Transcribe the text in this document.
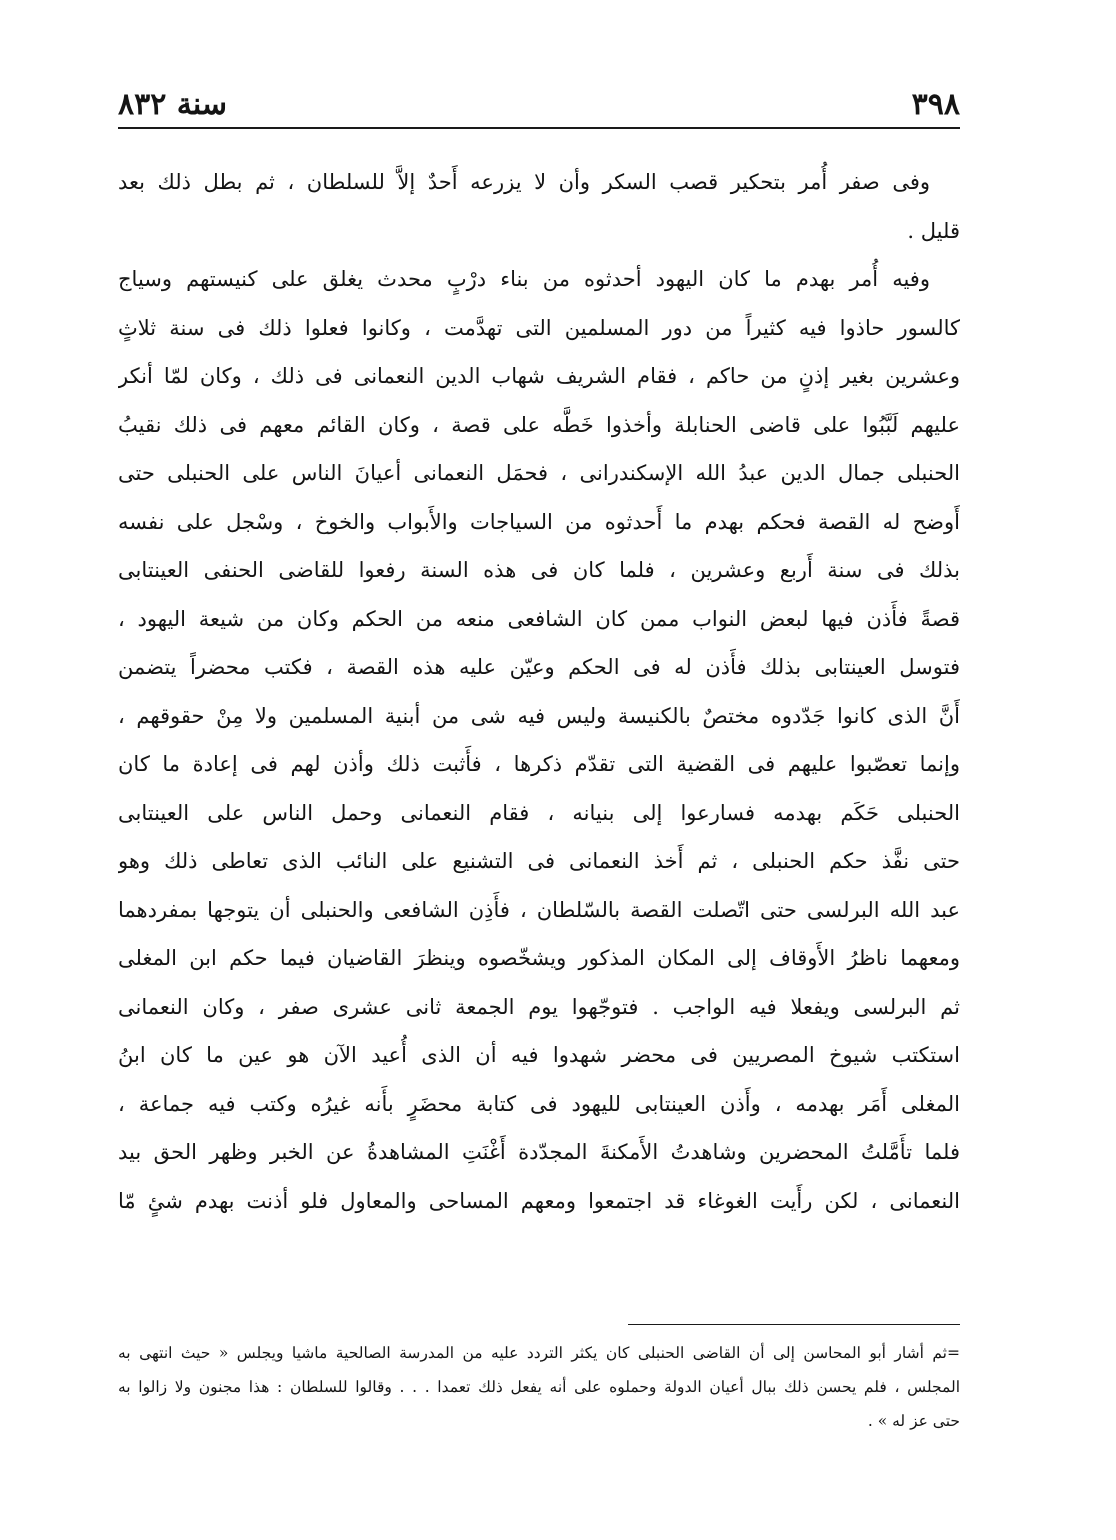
٣٩٨
سنة ٨٣٢
وفى صفر أُمر بتحكير قصب السكر وأن لا يزرعه أَحدٌ إلاَّ للسلطان ، ثم بطل ذلك بعد
قليل .
وفيه أُمر بهدم ما كان اليهود أحدثوه من بناء درْبٍ محدث يغلق على كنيستهم وسياج
كالسور حاذوا فيه كثيراً من دور المسلمين التى تهدَّمت ، وكانوا فعلوا ذلك فى سنة ثلاثٍ
وعشرين بغير إذنٍ من حاكم ، فقام الشريف شهاب الدين النعمانى فى ذلك ، وكان لمّا أنكر
عليهم لَبَّبُوا على قاضى الحنابلة وأخذوا خَطَّه على قصة ، وكان القائم معهم فى ذلك نقيبُ
الحنبلى جمال الدين عبدُ الله الإسكندرانى ، فحمَل النعمانى أعيانَ الناس على الحنبلى حتى
أَوضح له القصة فحكم بهدم ما أَحدثوه من السياجات والأَبواب والخوخ ، وسْجل على نفسه
بذلك فى سنة أَربع وعشرين ، فلما كان فى هذه السنة رفعوا للقاضى الحنفى العينتابى
قصةً فأَذن فيها لبعض النواب ممن كان الشافعى منعه من الحكم وكان من شيعة اليهود ،
فتوسل العينتابى بذلك فأَذن له فى الحكم وعيّن عليه هذه القصة ، فكتب محضراً يتضمن
أَنَّ الذى كانوا جَدّدوه مختصٌ بالكنيسة وليس فيه شى من أبنية المسلمين ولا مِنْ حقوقهم ،
وإنما تعصّبوا عليهم فى القضية التى تقدّم ذكرها ، فأَثبت ذلك وأذن لهم فى إعادة ما كان
الحنبلى حَكَم بهدمه فسارعوا إلى بنيانه ، فقام النعمانى وحمل الناس على العينتابى
حتى نفَّذ حكم الحنبلى ، ثم أَخذ النعمانى فى التشنيع على النائب الذى تعاطى ذلك وهو
عبد الله البرلسى حتى اتّصلت القصة بالسّلطان ، فأَذِن الشافعى والحنبلى أن يتوجها بمفردهما
ومعهما ناظرُ الأَوقاف إلى المكان المذكور ويشخّصوه وينظرَ القاضيان فيما حكم ابن المغلى
ثم البرلسى ويفعلا فيه الواجب . فتوجّهوا يوم الجمعة ثانى عشرى صفر ، وكان النعمانى
استكتب شيوخ المصريين فى محضر شهدوا فيه أن الذى أُعيد الآن هو عين ما كان ابنُ
المغلى أَمَر بهدمه ، وأَذن العينتابى لليهود فى كتابة محضَرٍ بأَنه غيرُه وكتب فيه جماعة ،
فلما تأَمَّلتُ المحضرين وشاهدتُ الأَمكنةَ المجدّدة أَغْنَتِ المشاهدةُ عن الخبر وظهر الحق بيد
النعمانى ، لكن رأَيت الغوغاء قد اجتمعوا ومعهم المساحى والمعاول فلو أذنت بهدم شئٍ مّا
=ثم أشار أبو المحاسن إلى أن القاضى الحنبلى كان يكثر التردد عليه من المدرسة الصالحية ماشيا ويجلس « حيث انتهى به
المجلس ، فلم يحسن ذلك ببال أعيان الدولة وحملوه على أنه يفعل ذلك تعمدا . . . وقالوا للسلطان : هذا مجنون ولا زالوا به
حتى عز له » .
